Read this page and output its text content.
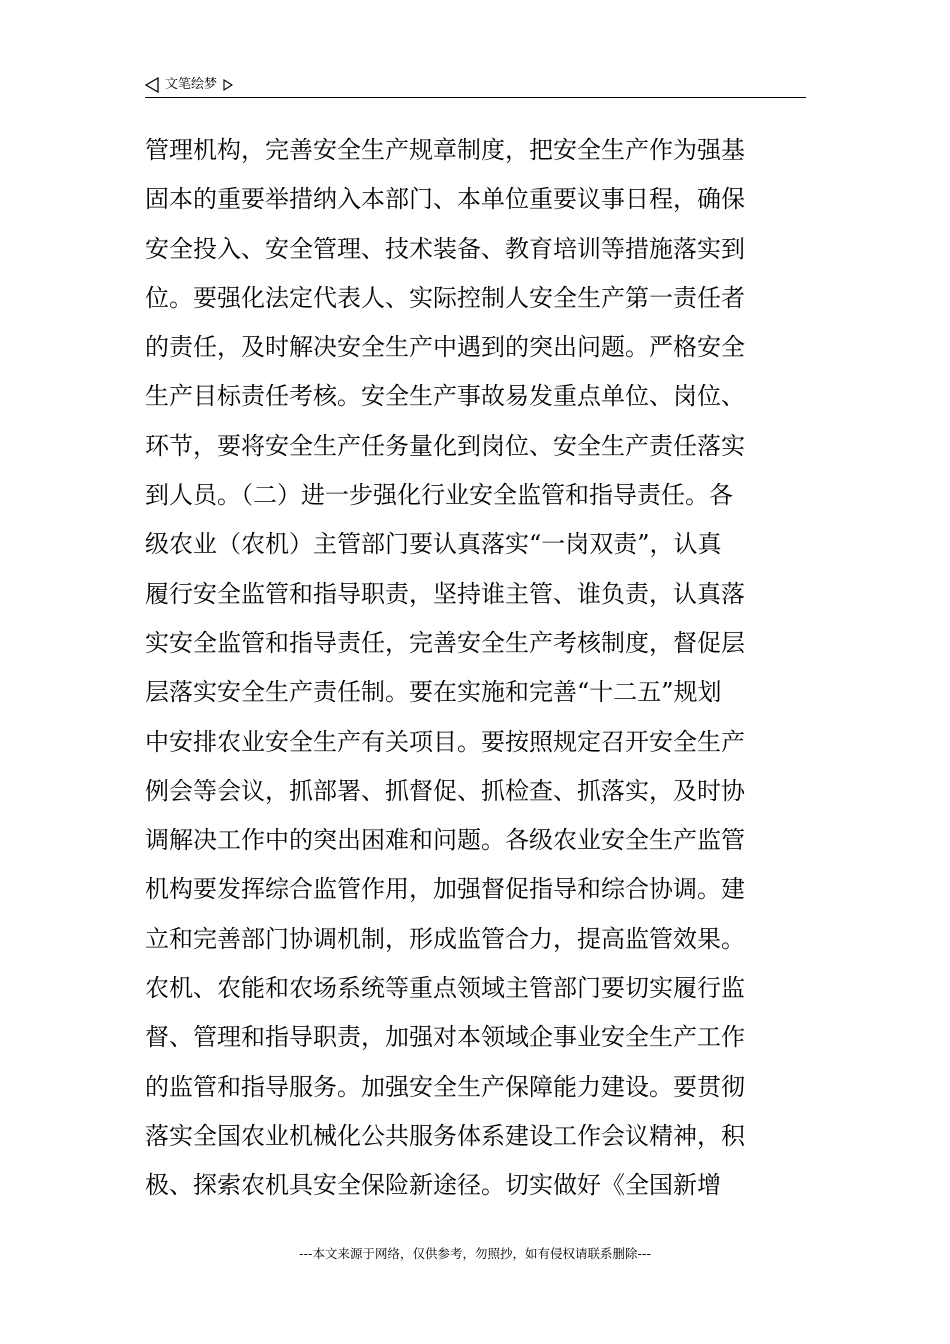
文笔绘梦
管理机构，完善安全生产规章制度，把安全生产作为强基
固本的重要举措纳入本部门、本单位重要议事日程，确保
安全投入、安全管理、技术装备、教育培训等措施落实到
位。要强化法定代表人、实际控制人安全生产第一责任者
的责任，及时解决安全生产中遇到的突出问题。严格安全
生产目标责任考核。安全生产事故易发重点单位、岗位、
环节，要将安全生产任务量化到岗位、安全生产责任落实
到人员。（二）进一步强化行业安全监管和指导责任。各
级农业（农机）主管部门要认真落实“一岗双责”，认真
履行安全监管和指导职责，坚持谁主管、谁负责，认真落
实安全监管和指导责任，完善安全生产考核制度，督促层
层落实安全生产责任制。要在实施和完善“十二五”规划
中安排农业安全生产有关项目。要按照规定召开安全生产
例会等会议，抓部署、抓督促、抓检查、抓落实，及时协
调解决工作中的突出困难和问题。各级农业安全生产监管
机构要发挥综合监管作用，加强督促指导和综合协调。建
立和完善部门协调机制，形成监管合力，提高监管效果。
农机、农能和农场系统等重点领域主管部门要切实履行监
督、管理和指导职责，加强对本领域企事业安全生产工作
的监管和指导服务。加强安全生产保障能力建设。要贯彻
落实全国农业机械化公共服务体系建设工作会议精神，积
极、探索农机具安全保险新途径。切实做好《全国新增
---本文来源于网络，仅供参考，勿照抄，如有侵权请联系删除---
